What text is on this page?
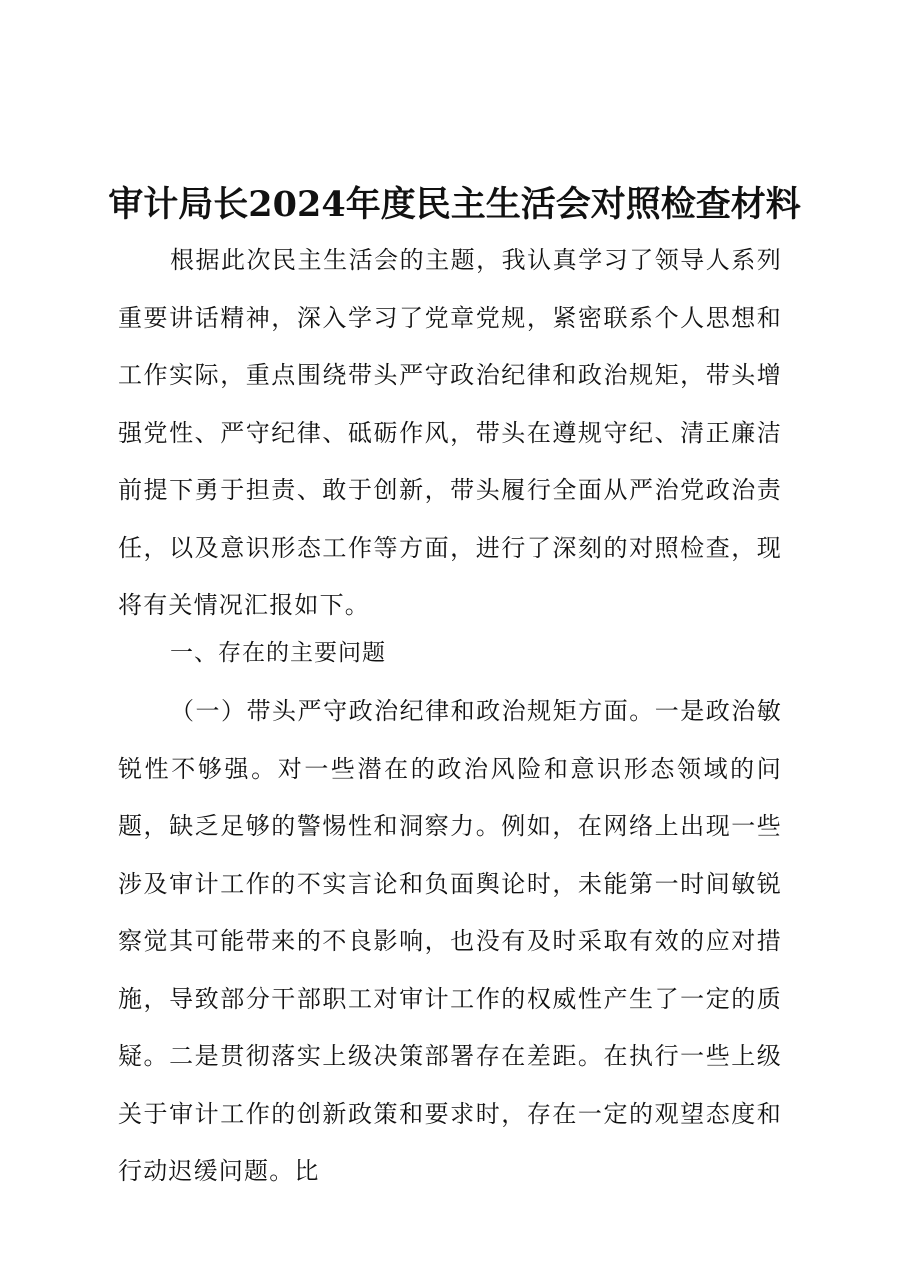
审计局长2024年度民主生活会对照检查材料

根据此次民主生活会的主题，我认真学习了领导人系列重要讲话精神，深入学习了党章党规，紧密联系个人思想和工作实际，重点围绕带头严守政治纪律和政治规矩，带头增强党性、严守纪律、砥砺作风，带头在遵规守纪、清正廉洁前提下勇于担责、敢于创新，带头履行全面从严治党政治责任，以及意识形态工作等方面，进行了深刻的对照检查，现将有关情况汇报如下。

一、存在的主要问题

（一）带头严守政治纪律和政治规矩方面。一是政治敏锐性不够强。对一些潜在的政治风险和意识形态领域的问题，缺乏足够的警惕性和洞察力。例如，在网络上出现一些涉及审计工作的不实言论和负面舆论时，未能第一时间敏锐察觉其可能带来的不良影响，也没有及时采取有效的应对措施，导致部分干部职工对审计工作的权威性产生了一定的质疑。二是贯彻落实上级决策部署存在差距。在执行一些上级关于审计工作的创新政策和要求时，存在一定的观望态度和行动迟缓问题。比
